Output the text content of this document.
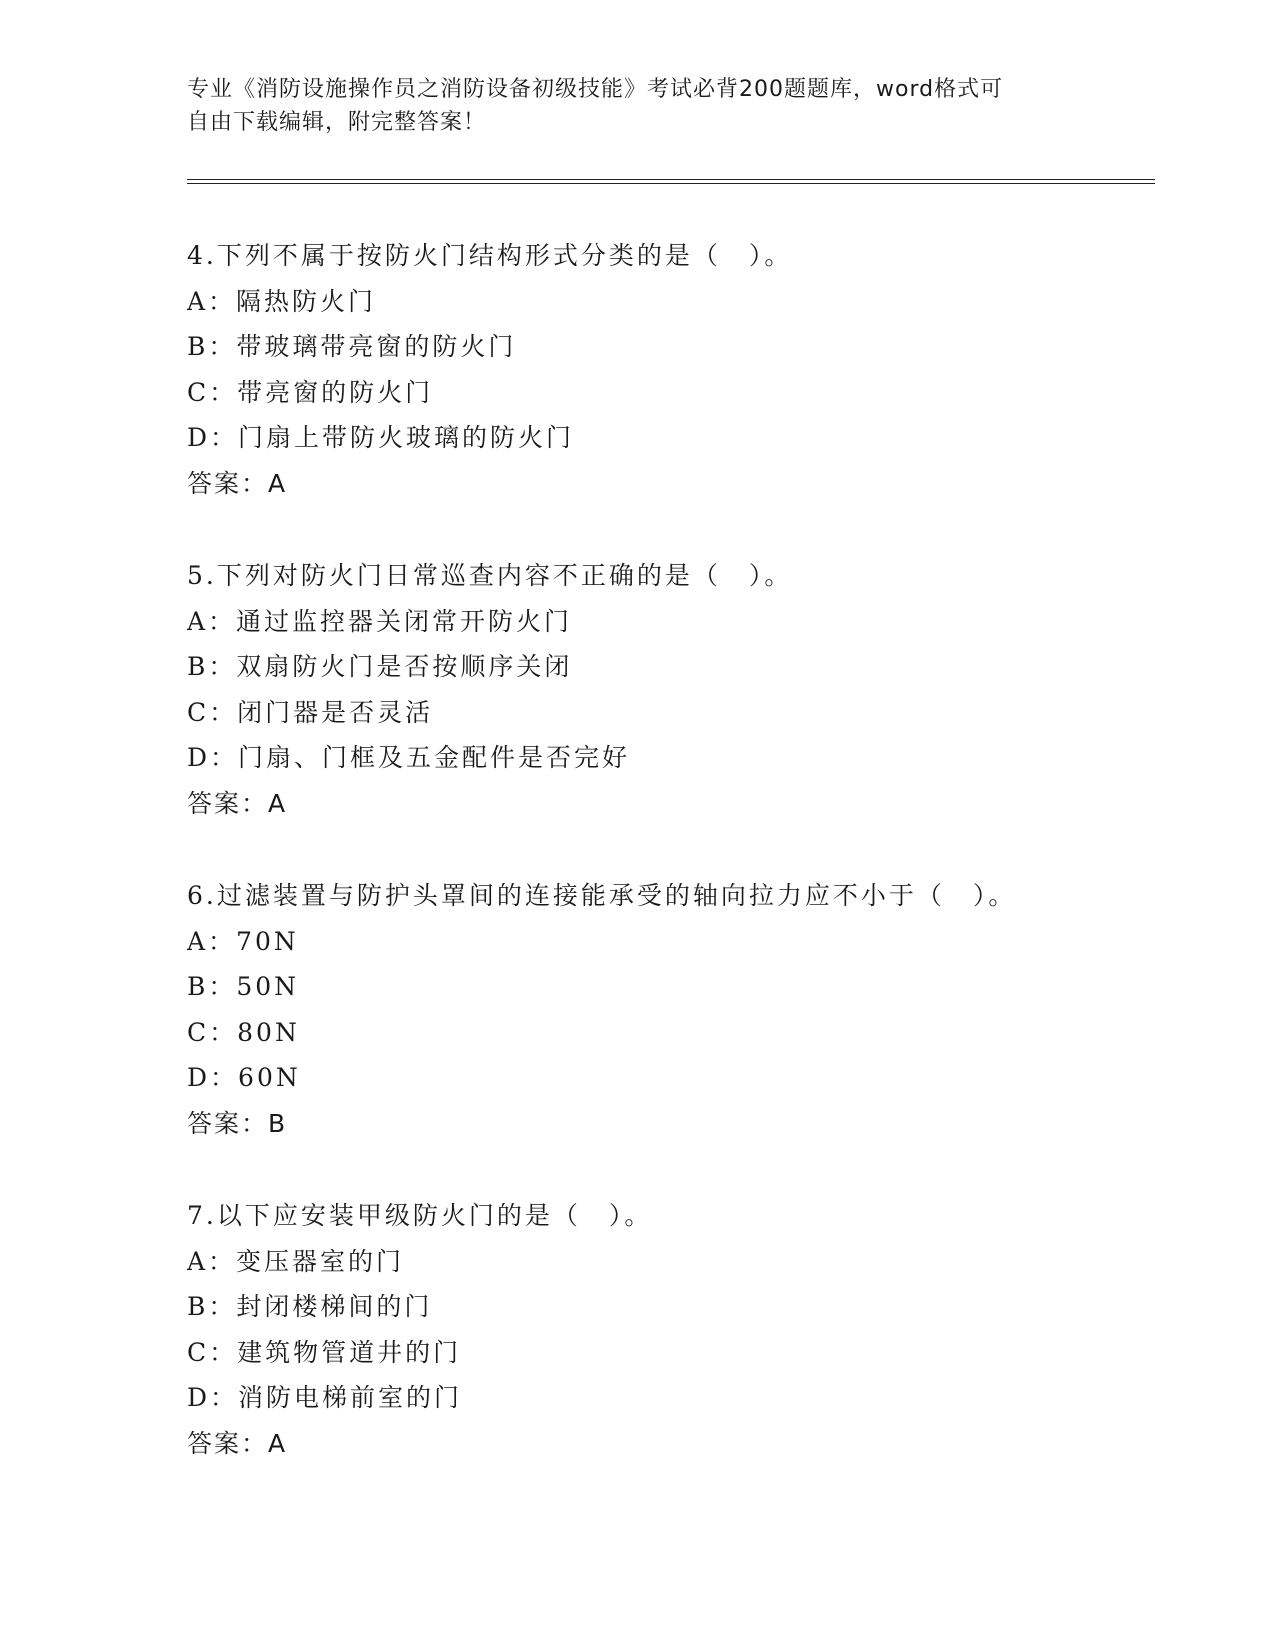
专业《消防设施操作员之消防设备初级技能》考试必背200题题库，word格式可
自由下载编辑，附完整答案！
4.下列不属于按防火门结构形式分类的是（　）。
A：隔热防火门
B：带玻璃带亮窗的防火门
C：带亮窗的防火门
D：门扇上带防火玻璃的防火门
答案：A
5.下列对防火门日常巡查内容不正确的是（　）。
A：通过监控器关闭常开防火门
B：双扇防火门是否按顺序关闭
C：闭门器是否灵活
D：门扇、门框及五金配件是否完好
答案：A
6.过滤装置与防护头罩间的连接能承受的轴向拉力应不小于（　）。
A：70N
B：50N
C：80N
D：60N
答案：B
7.以下应安装甲级防火门的是（　）。
A：变压器室的门
B：封闭楼梯间的门
C：建筑物管道井的门
D：消防电梯前室的门
答案：A
